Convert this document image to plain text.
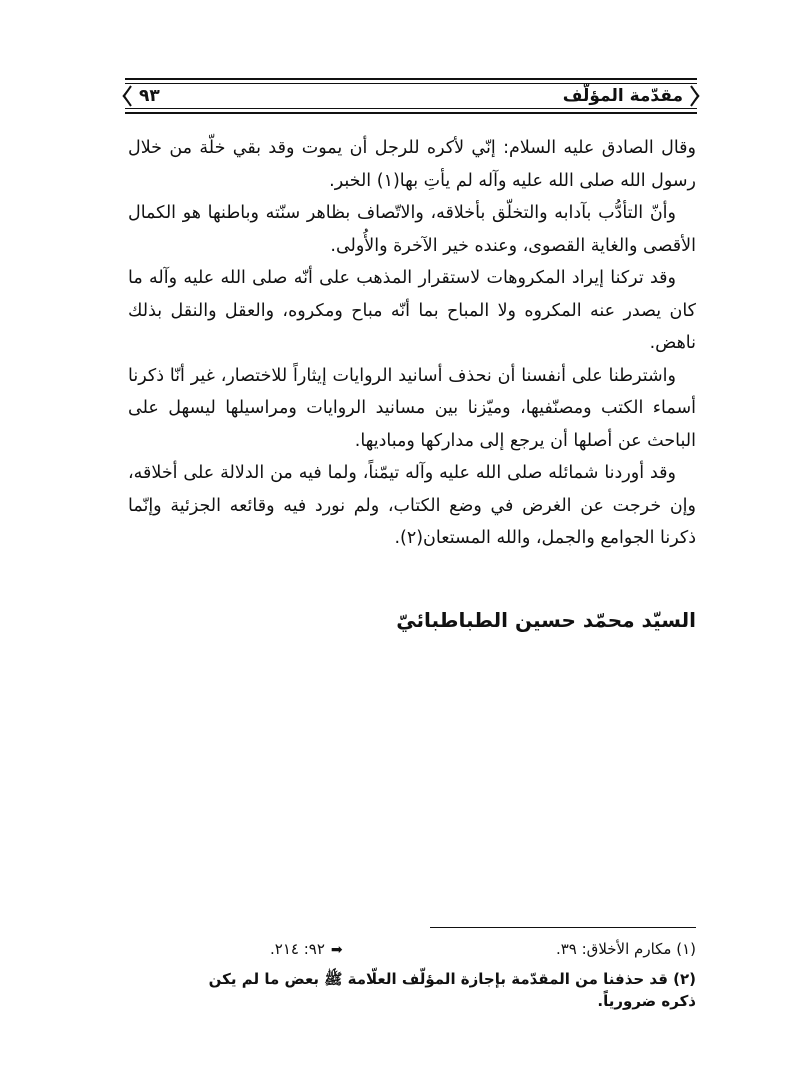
مقدّمة المؤلّف
٩٣

وقال الصادق عليه السلام: إنّي لأكره للرجل أن يموت وقد بقي خلّة من خلال رسول الله صلى الله عليه وآله لم يأتِ بها(١) الخبر.

وأنّ التأدُّب بآدابه والتخلّق بأخلاقه، والاتّصاف بظاهر سنّته وباطنها هو الكمال الأقصى والغاية القصوى، وعنده خير الآخرة والأُولى.

وقد تركنا إيراد المكروهات لاستقرار المذهب على أنّه صلى الله عليه وآله ما كان يصدر عنه المكروه ولا المباح بما أنّه مباح ومكروه، والعقل والنقل بذلك ناهض.

واشترطنا على أنفسنا أن نحذف أسانيد الروايات إيثاراً للاختصار، غير أنّا ذكرنا أسماء الكتب ومصنّفيها، وميّزنا بين مسانيد الروايات ومراسيلها ليسهل على الباحث عن أصلها أن يرجع إلى مداركها ومباديها.

وقد أوردنا شمائله صلى الله عليه وآله تيمّناً، ولما فيه من الدلالة على أخلاقه، وإن خرجت عن الغرض في وضع الكتاب، ولم نورد فيه وقائعه الجزئية وإنّما ذكرنا الجوامع والجمل، والله المستعان(٢).

السيّد محمّد حسين الطباطبائيّ
(١) مكارم الأخلاق: ٣٩.
➡٩٢: ٢١٤.
(٢) قد حذفنا من المقدّمة بإجازة المؤلّف العلّامة ﷺ بعض ما لم يكن ذكره ضرورياً.
